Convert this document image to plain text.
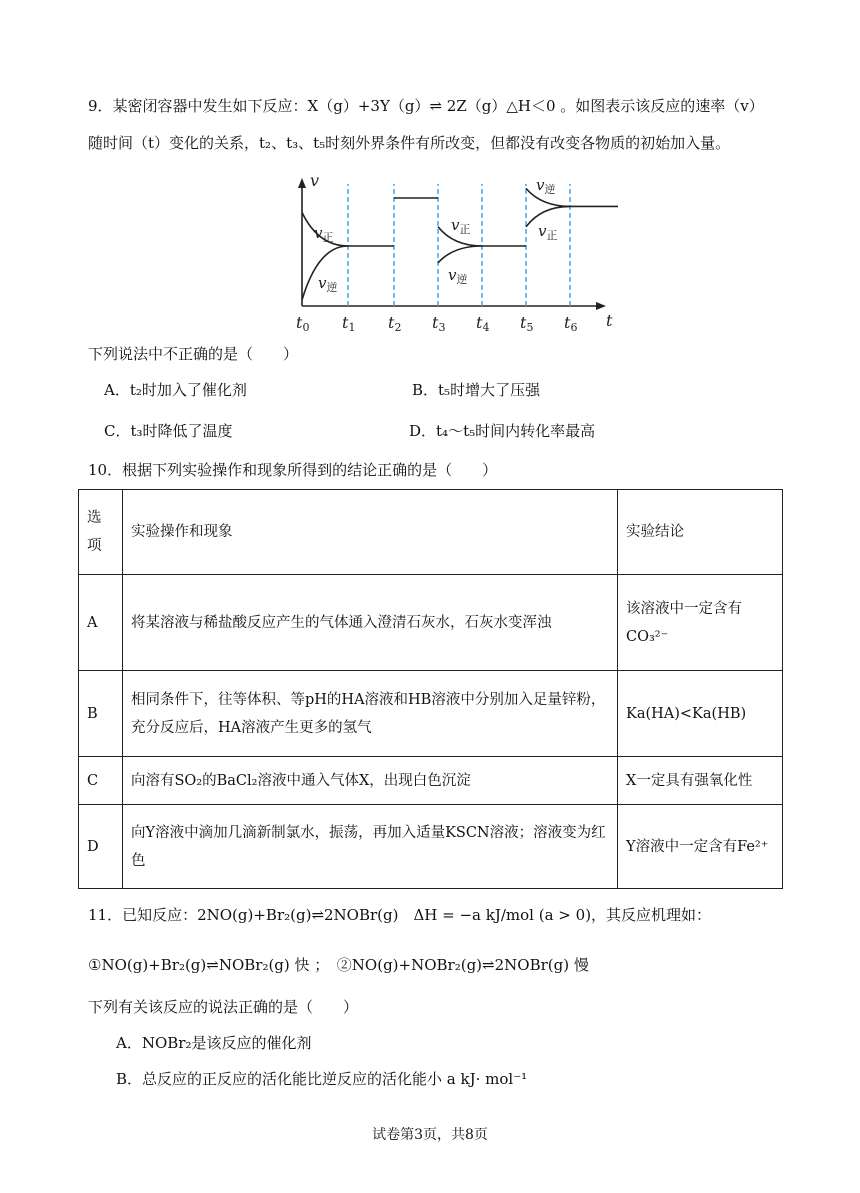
9．某密闭容器中发生如下反应：X（g）+3Y（g）⇌ 2Z（g）△H＜0 。如图表示该反应的速率（v）
随时间（t）变化的关系，t₂、t₃、t₅时刻外界条件有所改变，但都没有改变各物质的初始加入量。
v
t
t0 t1 t2 t3 t4 t5 t6
$v_正$
$v_逆$
$v_正$
$v_逆$
$v_逆$
$v_正$
下列说法中不正确的是（　　）
A．t₂时加入了催化剂	B．t₅时增大了压强
C．t₃时降低了温度	D．t₄～t₅时间内转化率最高
10．根据下列实验操作和现象所得到的结论正确的是（　　）
选项	实验操作和现象	实验结论
A	将某溶液与稀盐酸反应产生的气体通入澄清石灰水，石灰水变浑浊	该溶液中一定含有CO₃²⁻
B	相同条件下，往等体积、等pH的HA溶液和HB溶液中分别加入足量锌粉，充分反应后，HA溶液产生更多的氢气	Ka(HA)<Ka(HB)
C	向溶有SO₂的BaCl₂溶液中通入气体X，出现白色沉淀	X一定具有强氧化性
D	向Y溶液中滴加几滴新制氯水，振荡，再加入适量KSCN溶液；溶液变为红色	Y溶液中一定含有Fe²⁺
11．已知反应：2NO(g)+Br₂(g)⇌2NOBr(g)　ΔH = −a kJ/mol (a > 0)，其反应机理如：
①NO(g)+Br₂(g)⇌NOBr₂(g) 快 ；　②NO(g)+NOBr₂(g)⇌2NOBr(g) 慢
下列有关该反应的说法正确的是（　　）
A．NOBr₂是该反应的催化剂
B．总反应的正反应的活化能比逆反应的活化能小 a kJ· mol⁻¹
试卷第3页，共8页
